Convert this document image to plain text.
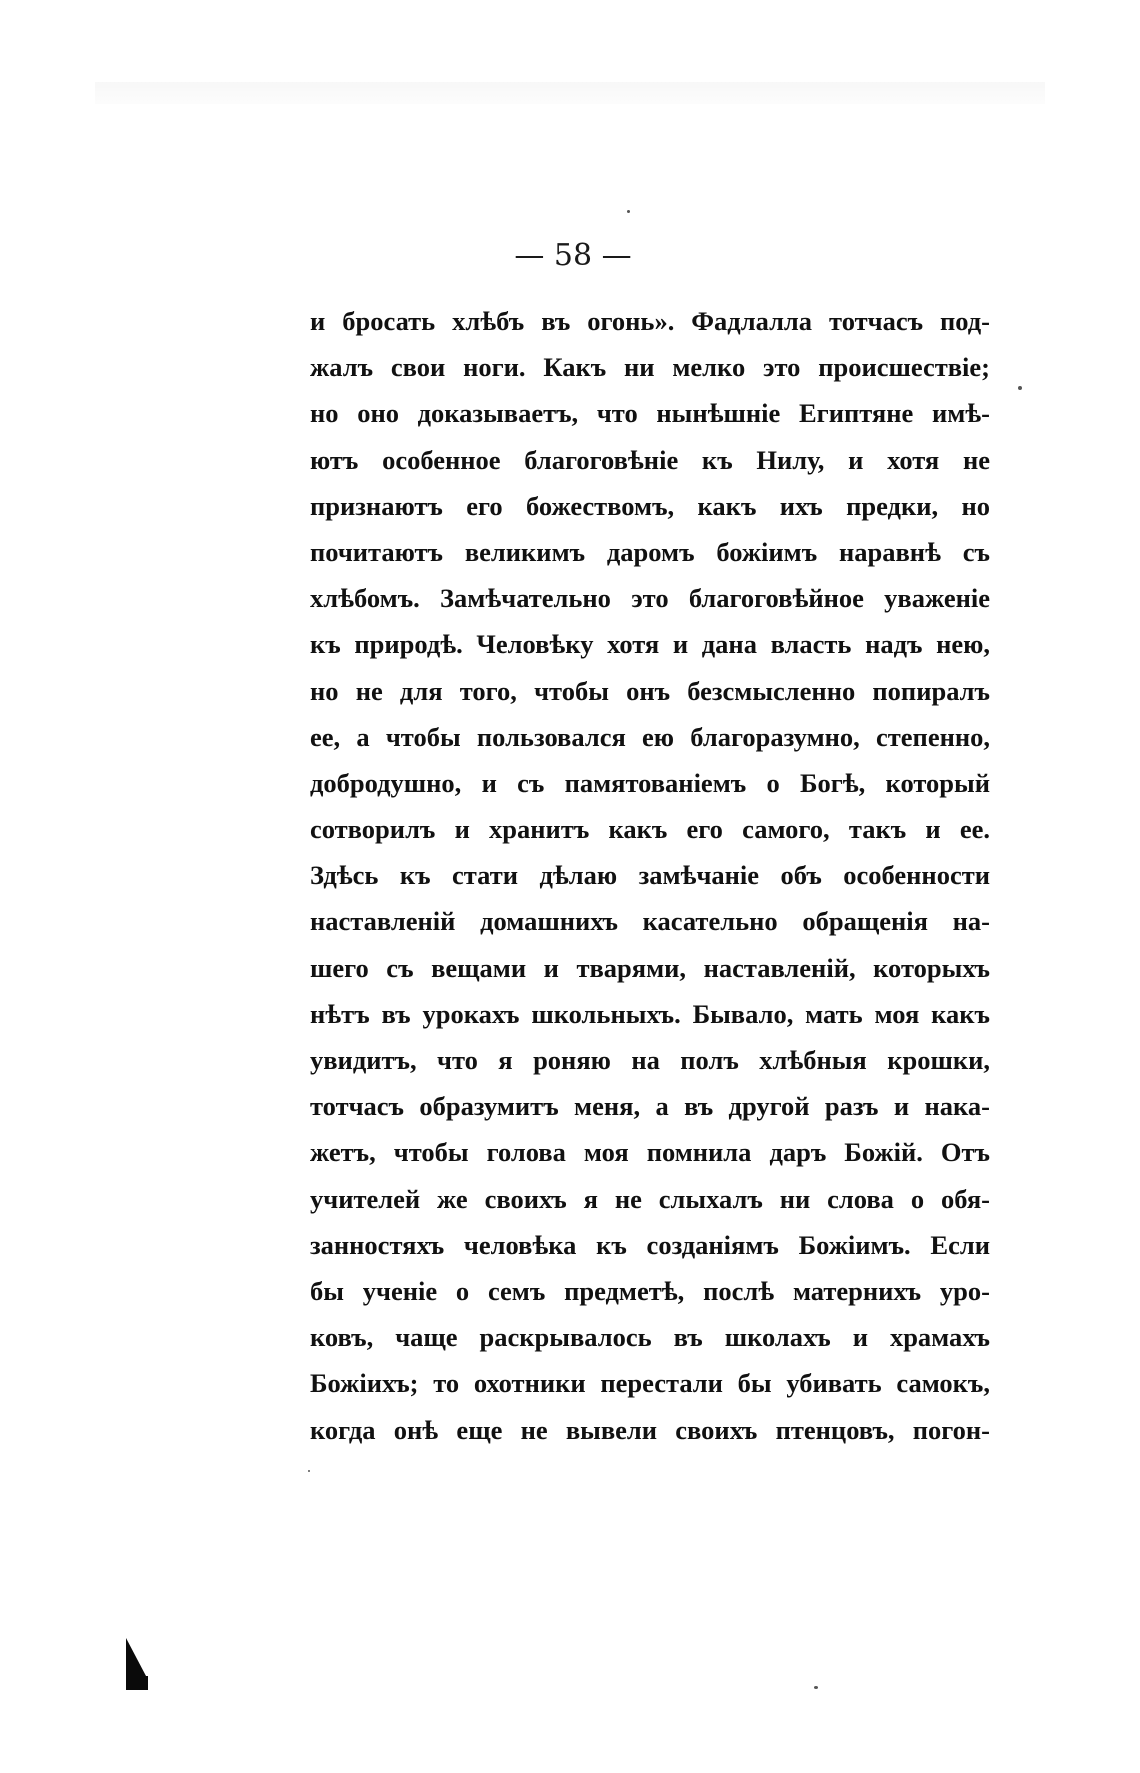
— 58 —
и бросать хлѣбъ въ огонь». Фадлалла тотчасъ под-
жалъ свои ноги. Какъ ни мелко это происшествіе;
но оно доказываетъ, что нынѣшніе Египтяне имѣ-
ютъ особенное благоговѣніе къ Нилу, и хотя не
признаютъ его божествомъ, какъ ихъ предки, но
почитаютъ великимъ даромъ божіимъ наравнѣ съ
хлѣбомъ. Замѣчательно это благоговѣйное уваженіе
къ природѣ. Человѣку хотя и дана власть надъ нею,
но не для того, чтобы онъ безсмысленно попиралъ
ее, а чтобы пользовался ею благоразумно, степенно,
добродушно, и съ памятованіемъ о Богѣ, который
сотворилъ и хранитъ какъ его самого, такъ и ее.
Здѣсь къ стати дѣлаю замѣчаніе объ особенности
наставленій домашнихъ касательно обращенія на-
шего съ вещами и тварями, наставленій, которыхъ
нѣтъ въ урокахъ школьныхъ. Бывало, мать моя какъ
увидитъ, что я роняю на полъ хлѣбныя крошки,
тотчасъ образумитъ меня, а въ другой разъ и нака-
жетъ, чтобы голова моя помнила даръ Божій. Отъ
учителей же своихъ я не слыхалъ ни слова о обя-
занностяхъ человѣка къ созданіямъ Божіимъ. Если
бы ученіе о семъ предметѣ, послѣ матернихъ уро-
ковъ, чаще раскрывалось въ школахъ и храмахъ
Божіихъ; то охотники перестали бы убивать самокъ,
когда онѣ еще не вывели своихъ птенцовъ, погон-
